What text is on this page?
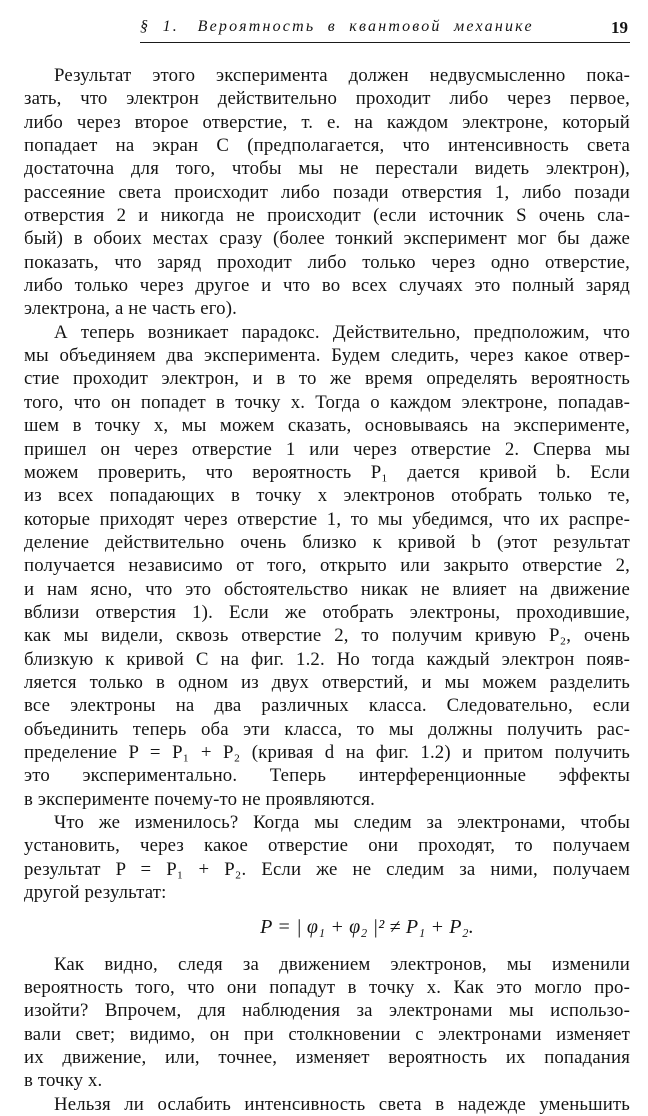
§  1.   Вероятность  в  квантовой  механике	19
Результат этого эксперимента должен недвусмысленно пока-
зать, что электрон действительно проходит либо через первое,
либо через второе отверстие, т. е. на каждом электроне, который
попадает на экран C (предполагается, что интенсивность света
достаточна для того, чтобы мы не перестали видеть электрон),
рассеяние света происходит либо позади отверстия 1, либо позади
отверстия 2 и никогда не происходит (если источник S очень сла-
бый) в обоих местах сразу (более тонкий эксперимент мог бы даже
показать, что заряд проходит либо только через одно отверстие,
либо только через другое и что во всех случаях это полный заряд
электрона, а не часть его).
А теперь возникает парадокс. Действительно, предположим, что
мы объединяем два эксперимента. Будем следить, через какое отвер-
стие проходит электрон, и в то же время определять вероятность
того, что он попадет в точку x. Тогда о каждом электроне, попадав-
шем в точку x, мы можем сказать, основываясь на эксперименте,
пришел он через отверстие 1 или через отверстие 2. Сперва мы
можем проверить, что вероятность P₁ дается кривой b. Если
из всех попадающих в точку x электронов отобрать только те,
которые приходят через отверстие 1, то мы убедимся, что их распре-
деление действительно очень близко к кривой b (этот результат
получается независимо от того, открыто или закрыто отверстие 2,
и нам ясно, что это обстоятельство никак не влияет на движение
вблизи отверстия 1). Если же отобрать электроны, проходившие,
как мы видели, сквозь отверстие 2, то получим кривую P₂, очень
близкую к кривой C на фиг. 1.2. Но тогда каждый электрон появ-
ляется только в одном из двух отверстий, и мы можем разделить
все электроны на два различных класса. Следовательно, если
объединить теперь оба эти класса, то мы должны получить рас-
пределение P = P₁ + P₂ (кривая d на фиг. 1.2) и притом получить
это экспериментально. Теперь интерференционные эффекты
в эксперименте почему-то не проявляются.
Что же изменилось? Когда мы следим за электронами, чтобы
установить, через какое отверстие они проходят, то получаем
результат P = P₁ + P₂. Если же не следим за ними, получаем
другой результат:
P = | φ₁ + φ₂ |² ≠ P₁ + P₂.
Как видно, следя за движением электронов, мы изменили
вероятность того, что они попадут в точку x. Как это могло про-
изойти? Впрочем, для наблюдения за электронами мы использо-
вали свет; видимо, он при столкновении с электронами изменяет
их движение, или, точнее, изменяет вероятность их попадания
в точку x.
Нельзя ли ослабить интенсивность света в надежде уменьшить
